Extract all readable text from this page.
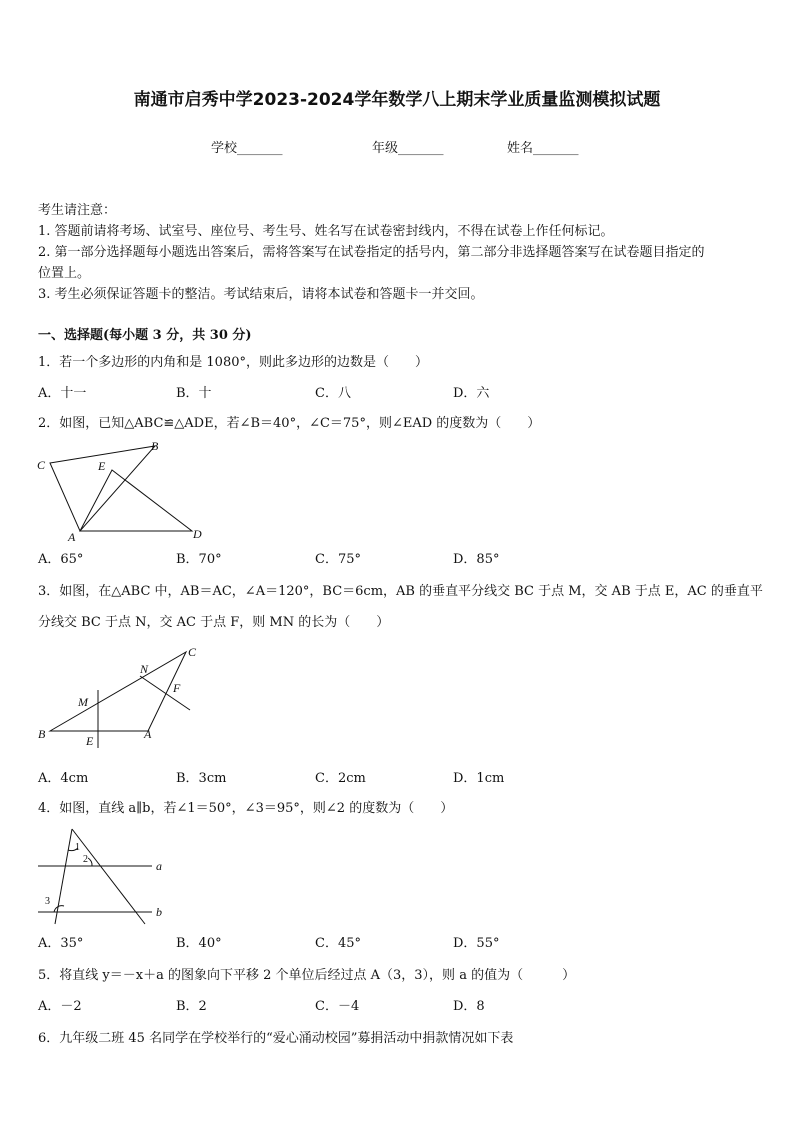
南通市启秀中学2023-2024学年数学八上期末学业质量监测模拟试题
学校_______	年级_______	姓名_______
考生请注意：
1. 答题前请将考场、试室号、座位号、考生号、姓名写在试卷密封线内，不得在试卷上作任何标记。
2. 第一部分选择题每小题选出答案后，需将答案写在试卷指定的括号内，第二部分非选择题答案写在试卷题目指定的
位置上。
3. 考生必须保证答题卡的整洁。考试结束后，请将本试卷和答题卡一并交回。
一、选择题(每小题 3 分，共 30 分)
1．若一个多边形的内角和是 1080°，则此多边形的边数是（　　）
A．十一	B．十	C．八	D．六
2．如图，已知△ABC≌△ADE，若∠B＝40°，∠C＝75°，则∠EAD 的度数为（　　）
C	E
B
A	D
A．65°	B．70°	C．75°	D．85°
3．如图，在△ABC 中，AB＝AC，∠A＝120°，BC＝6cm，AB 的垂直平分线交 BC 于点 M，交 AB 于点 E，AC 的垂直平
分线交 BC 于点 N，交 AC 于点 F，则 MN 的长为（　　）
C
N
F
M
B	E	A
A．4cm	B．3cm	C．2cm	D．1cm
4．如图，直线 a∥b，若∠1＝50°，∠3＝95°，则∠2 的度数为（　　）
1
2	a
3
b
A．35°	B．40°	C．45°	D．55°
5．将直线 y＝－x＋a 的图象向下平移 2 个单位后经过点 A（3，3），则 a 的值为（　　　）
A．－2	B．2	C．－4	D．8
6．九年级二班 45 名同学在学校举行的“爱心涌动校园”募捐活动中捐款情况如下表
